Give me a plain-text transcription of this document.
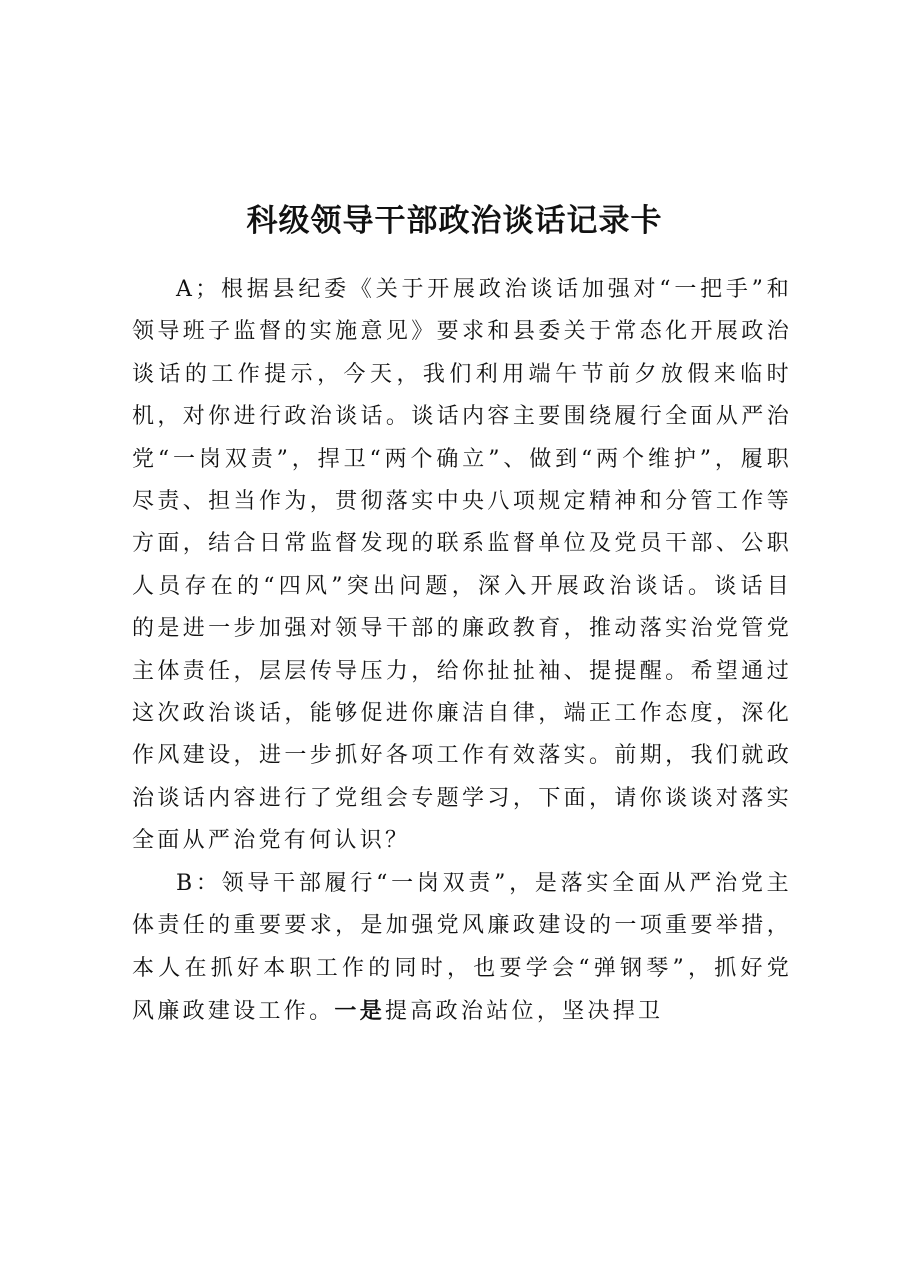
科级领导干部政治谈话记录卡

A；根据县纪委《关于开展政治谈话加强对“一把手”和领导班子监督的实施意见》要求和县委关于常态化开展政治谈话的工作提示，今天，我们利用端午节前夕放假来临时机，对你进行政治谈话。谈话内容主要围绕履行全面从严治党“一岗双责”，捍卫“两个确立”、做到“两个维护”，履职尽责、担当作为，贯彻落实中央八项规定精神和分管工作等方面，结合日常监督发现的联系监督单位及党员干部、公职人员存在的“四风”突出问题，深入开展政治谈话。谈话目的是进一步加强对领导干部的廉政教育，推动落实治党管党主体责任，层层传导压力，给你扯扯袖、提提醒。希望通过这次政治谈话，能够促进你廉洁自律，端正工作态度，深化作风建设，进一步抓好各项工作有效落实。前期，我们就政治谈话内容进行了党组会专题学习，下面，请你谈谈对落实全面从严治党有何认识？

B：领导干部履行“一岗双责”，是落实全面从严治党主体责任的重要要求，是加强党风廉政建设的一项重要举措，本人在抓好本职工作的同时，也要学会“弹钢琴”，抓好党风廉政建设工作。一是提高政治站位，坚决捍卫
